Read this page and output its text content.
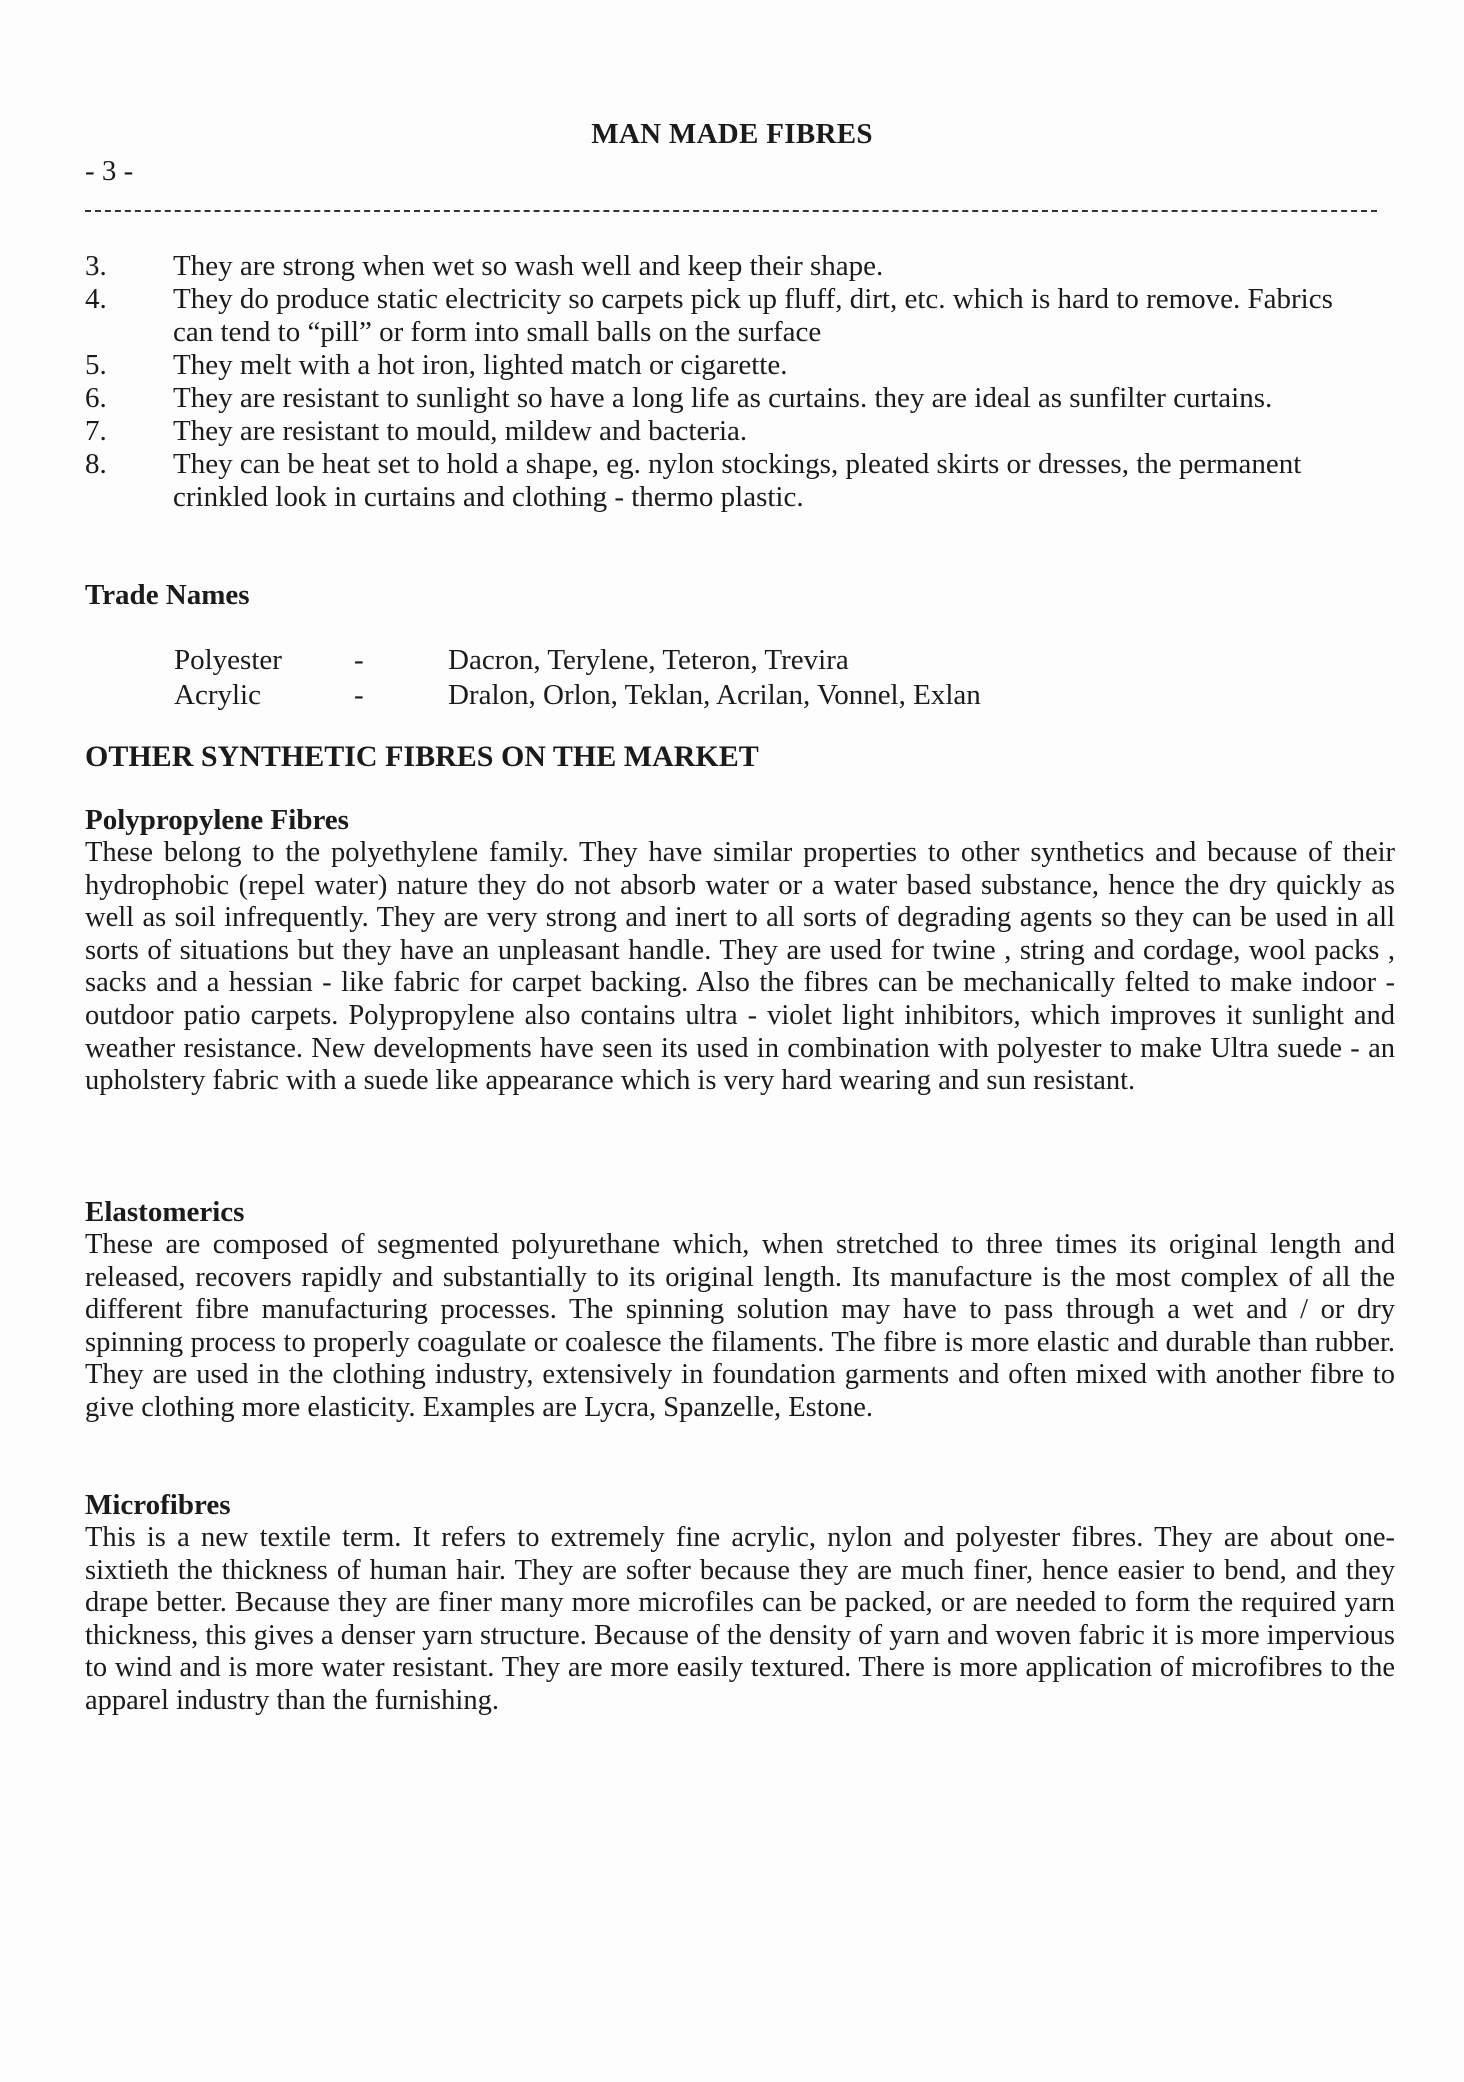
MAN MADE FIBRES
- 3 -
3.	They are strong when wet so wash well and keep their shape.
4.	They do produce static electricity so carpets pick up fluff, dirt, etc. which is hard to remove. Fabrics can tend to “pill” or form into small balls on the surface
5.	They melt with a hot iron, lighted match or cigarette.
6.	They are resistant to sunlight so have a long life as curtains. they are ideal as sunfilter curtains.
7.	They are resistant to mould, mildew and bacteria.
8.	They can be heat set to hold a shape, eg. nylon stockings, pleated skirts or dresses, the permanent crinkled look in curtains and clothing - thermo plastic.
Trade Names
Polyester	-	Dacron, Terylene, Teteron, Trevira
Acrylic	-	Dralon, Orlon, Teklan, Acrilan, Vonnel, Exlan
OTHER SYNTHETIC FIBRES ON THE MARKET
Polypropylene Fibres

These belong to the polyethylene family. They have similar properties to other synthetics and because of their hydrophobic (repel water) nature they do not absorb water or a water based substance, hence the dry quickly as well as soil infrequently. They are very strong and inert to all sorts of degrading agents so they can be used in all sorts of situations but they have an unpleasant handle. They are used for twine , string and cordage, wool packs , sacks and a hessian - like fabric for carpet backing. Also the fibres can be mechanically felted to make indoor - outdoor patio carpets. Polypropylene also contains ultra - violet light inhibitors, which improves it sunlight and weather resistance. New developments have seen its used in combination with polyester to make Ultra suede - an upholstery fabric with a suede like appearance which is very hard wearing and sun resistant.

Elastomerics

These are composed of segmented polyurethane which, when stretched to three times its original length and released, recovers rapidly and substantially to its original length. Its manufacture is the most complex of all the different fibre manufacturing processes. The spinning solution may have to pass through a wet and / or dry spinning process to properly coagulate or coalesce the filaments. The fibre is more elastic and durable than rubber. They are used in the clothing industry, extensively in foundation garments and often mixed with another fibre to give clothing more elasticity. Examples are Lycra, Spanzelle, Estone.

Microfibres

This is a new textile term. It refers to extremely fine acrylic, nylon and polyester fibres. They are about one-sixtieth the thickness of human hair. They are softer because they are much finer, hence easier to bend, and they drape better. Because they are finer many more microfiles can be packed, or are needed to form the required yarn thickness, this gives a denser yarn structure. Because of the density of yarn and woven fabric it is more impervious to wind and is more water resistant. They are more easily textured. There is more application of microfibres to the apparel industry than the furnishing.
